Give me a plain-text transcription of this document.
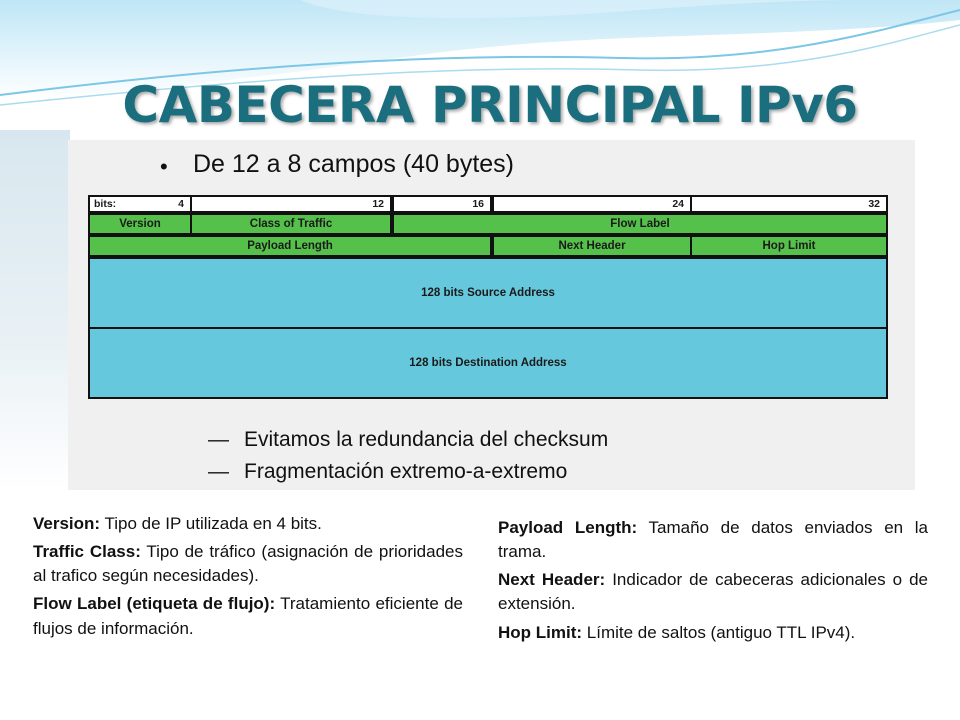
CABECERA PRINCIPAL IPv6
• De 12 a 8 campos (40 bytes)
bits:	4	12	16	24	32
Version	Class of Traffic	Flow Label
Payload Length	Next Header	Hop Limit
128 bits Source Address
128 bits Destination Address
— Evitamos la redundancia del checksum
— Fragmentación extremo-a-extremo

Version: Tipo de IP utilizada en 4 bits.

Traffic Class: Tipo de tráfico (asignación de prioridades al trafico según necesidades).

Flow Label (etiqueta de flujo): Tratamiento eficiente de flujos de información.

Payload Length: Tamaño de datos enviados en la trama.

Next Header: Indicador de cabeceras adicionales o de extensión.

Hop Limit: Límite de saltos (antiguo TTL IPv4).
